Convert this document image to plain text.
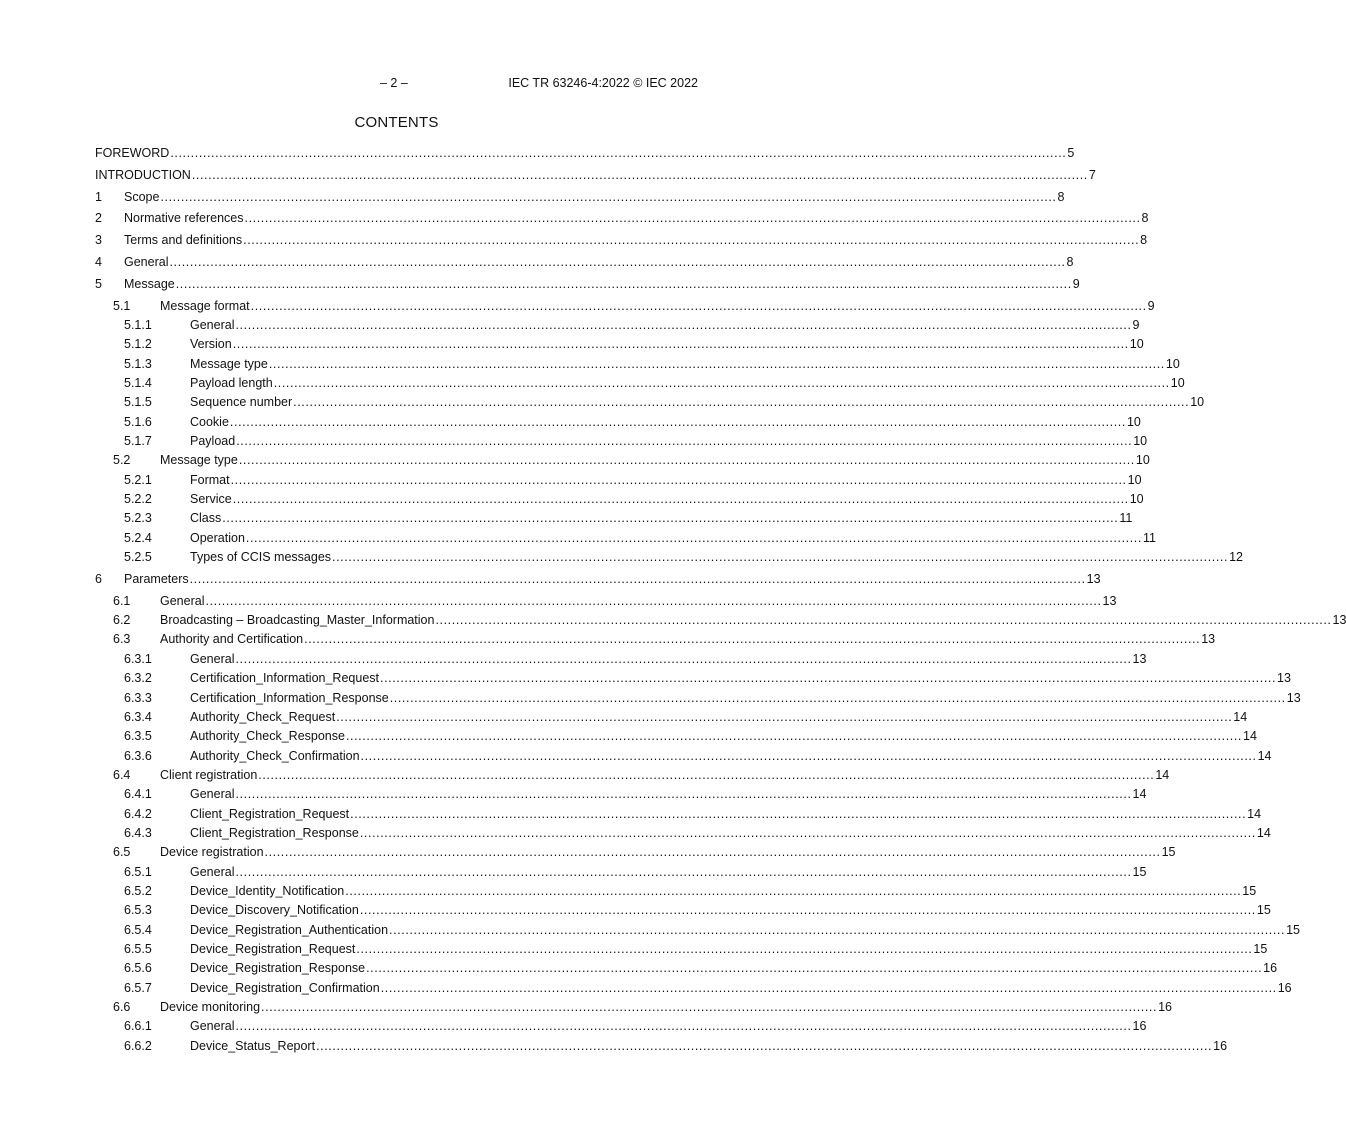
– 2 –	IEC TR 63246-4:2022 © IEC 2022
CONTENTS
FOREWORD ............................................................................................................................................................................................................................ 5
INTRODUCTION ............................................................................................................................................................................................................................ 7
1 Scope ............................................................................................................................................................................................................................ 8
2 Normative references ............................................................................................................................................................................................................................ 8
3 Terms and definitions ............................................................................................................................................................................................................................ 8
4 General ............................................................................................................................................................................................................................ 8
5 Message ............................................................................................................................................................................................................................ 9
5.1 Message format ............................................................................................................................................................................................................................ 9
5.1.1	General ............................................................................................................................................................................................................................ 9
5.1.2	Version ............................................................................................................................................................................................................................ 10
5.1.3	Message type ............................................................................................................................................................................................................................ 10
5.1.4	Payload length ............................................................................................................................................................................................................................ 10
5.1.5	Sequence number ............................................................................................................................................................................................................................ 10
5.1.6	Cookie ............................................................................................................................................................................................................................ 10
5.1.7	Payload ............................................................................................................................................................................................................................ 10
5.2 Message type ............................................................................................................................................................................................................................ 10
5.2.1	Format ............................................................................................................................................................................................................................ 10
5.2.2	Service ............................................................................................................................................................................................................................ 10
5.2.3	Class ............................................................................................................................................................................................................................ 11
5.2.4	Operation ............................................................................................................................................................................................................................ 11
5.2.5	Types of CCIS messages ............................................................................................................................................................................................................................ 12
6 Parameters ............................................................................................................................................................................................................................ 13
6.1 General ............................................................................................................................................................................................................................ 13
6.2 Broadcasting – Broadcasting_Master_Information ............................................................................................................................................................................................................................ 13
6.3 Authority and Certification ............................................................................................................................................................................................................................ 13
6.3.1	General ............................................................................................................................................................................................................................ 13
6.3.2	Certification_Information_Request ............................................................................................................................................................................................................................ 13
6.3.3	Certification_Information_Response ............................................................................................................................................................................................................................ 13
6.3.4	Authority_Check_Request ............................................................................................................................................................................................................................ 14
6.3.5	Authority_Check_Response ............................................................................................................................................................................................................................ 14
6.3.6	Authority_Check_Confirmation ............................................................................................................................................................................................................................ 14
6.4 Client registration ............................................................................................................................................................................................................................ 14
6.4.1	General ............................................................................................................................................................................................................................ 14
6.4.2	Client_Registration_Request ............................................................................................................................................................................................................................ 14
6.4.3	Client_Registration_Response ............................................................................................................................................................................................................................ 14
6.5 Device registration ............................................................................................................................................................................................................................ 15
6.5.1	General ............................................................................................................................................................................................................................ 15
6.5.2	Device_Identity_Notification ............................................................................................................................................................................................................................ 15
6.5.3	Device_Discovery_Notification ............................................................................................................................................................................................................................ 15
6.5.4	Device_Registration_Authentication ............................................................................................................................................................................................................................ 15
6.5.5	Device_Registration_Request ............................................................................................................................................................................................................................ 15
6.5.6	Device_Registration_Response ............................................................................................................................................................................................................................ 16
6.5.7	Device_Registration_Confirmation ............................................................................................................................................................................................................................ 16
6.6 Device monitoring ............................................................................................................................................................................................................................ 16
6.6.1	General ............................................................................................................................................................................................................................ 16
6.6.2	Device_Status_Report ............................................................................................................................................................................................................................ 16
